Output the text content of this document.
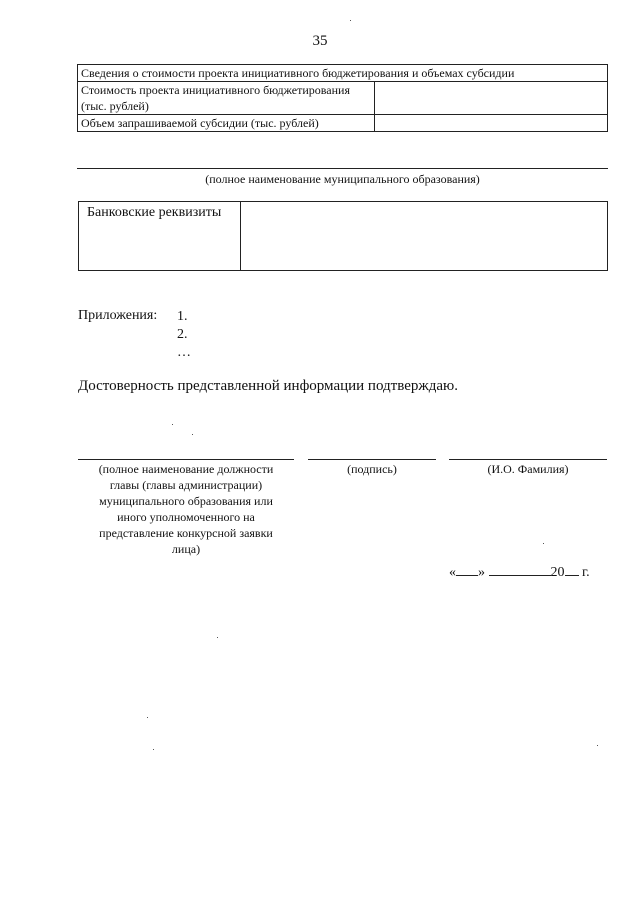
35
Сведения о стоимости проекта инициативного бюджетирования и объемах субсидии	

Стоимость проекта инициативного бюджетирования
(тыс. рублей)	

Объем запрашиваемой субсидии (тыс. рублей)	

(полное наименование муниципального образования)
Банковские реквизиты	
Приложения: 1.
2.
…
Достоверность представленной информации подтверждаю.
(полное наименование должности
главы (главы администрации)
муниципального образования или
иного уполномоченного на
представление конкурсной заявки
лица)
(подпись)	(И.О. Фамилия)
« »	20 г.
